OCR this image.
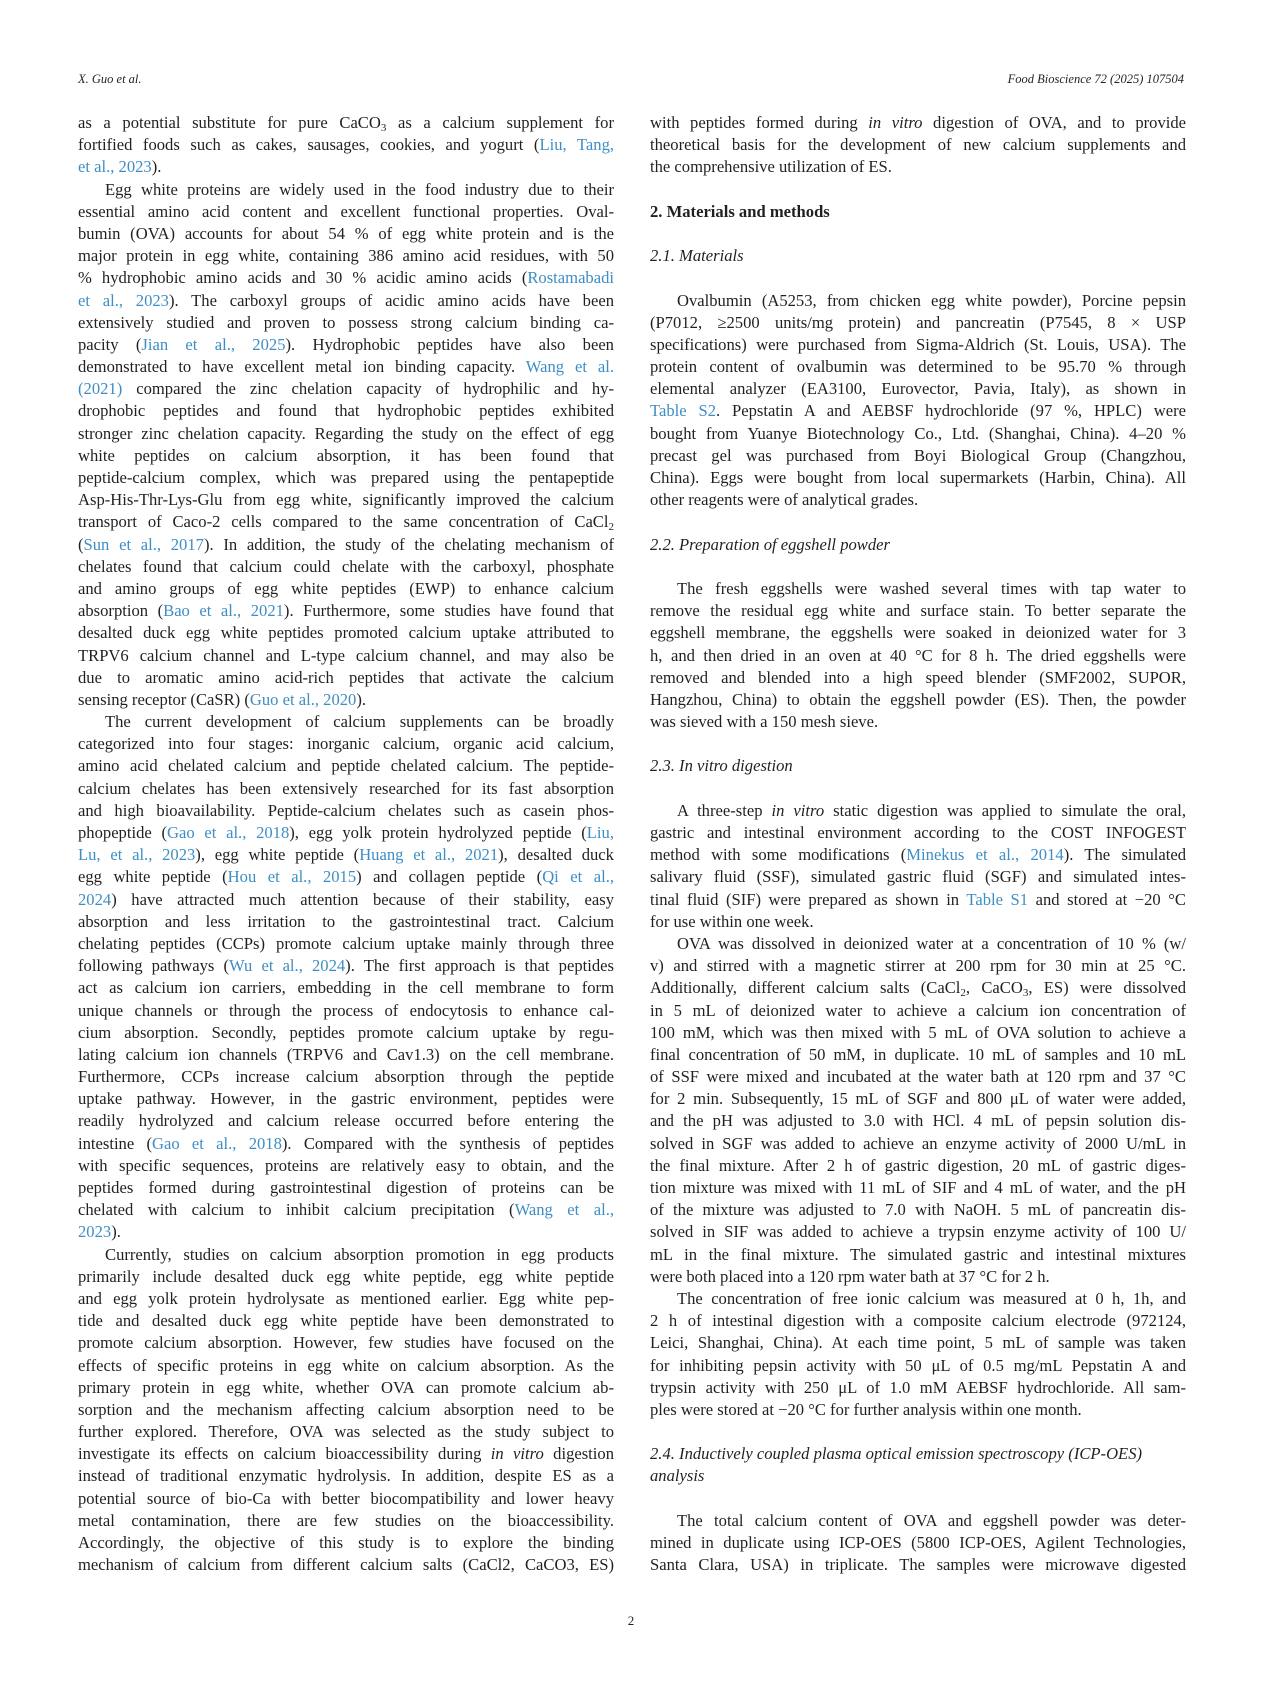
X. Guo et al.	Food Bioscience 72 (2025) 107504
as a potential substitute for pure CaCO$_3$ as a calcium supplement for
fortified foods such as cakes, sausages, cookies, and yogurt (Liu, Tang,
et al., 2023).
Egg white proteins are widely used in the food industry due to their
essential amino acid content and excellent functional properties. Oval-
bumin (OVA) accounts for about 54 % of egg white protein and is the
major protein in egg white, containing 386 amino acid residues, with 50
% hydrophobic amino acids and 30 % acidic amino acids (Rostamabadi
et al., 2023). The carboxyl groups of acidic amino acids have been
extensively studied and proven to possess strong calcium binding ca-
pacity (Jian et al., 2025). Hydrophobic peptides have also been
demonstrated to have excellent metal ion binding capacity. Wang et al.
(2021) compared the zinc chelation capacity of hydrophilic and hy-
drophobic peptides and found that hydrophobic peptides exhibited
stronger zinc chelation capacity. Regarding the study on the effect of egg
white peptides on calcium absorption, it has been found that
peptide-calcium complex, which was prepared using the pentapeptide
Asp-His-Thr-Lys-Glu from egg white, significantly improved the calcium
transport of Caco-2 cells compared to the same concentration of CaCl$_2$
(Sun et al., 2017). In addition, the study of the chelating mechanism of
chelates found that calcium could chelate with the carboxyl, phosphate
and amino groups of egg white peptides (EWP) to enhance calcium
absorption (Bao et al., 2021). Furthermore, some studies have found that
desalted duck egg white peptides promoted calcium uptake attributed to
TRPV6 calcium channel and L-type calcium channel, and may also be
due to aromatic amino acid-rich peptides that activate the calcium
sensing receptor (CaSR) (Guo et al., 2020).
The current development of calcium supplements can be broadly
categorized into four stages: inorganic calcium, organic acid calcium,
amino acid chelated calcium and peptide chelated calcium. The peptide-
calcium chelates has been extensively researched for its fast absorption
and high bioavailability. Peptide-calcium chelates such as casein phos-
phopeptide (Gao et al., 2018), egg yolk protein hydrolyzed peptide (Liu,
Lu, et al., 2023), egg white peptide (Huang et al., 2021), desalted duck
egg white peptide (Hou et al., 2015) and collagen peptide (Qi et al.,
2024) have attracted much attention because of their stability, easy
absorption and less irritation to the gastrointestinal tract. Calcium
chelating peptides (CCPs) promote calcium uptake mainly through three
following pathways (Wu et al., 2024). The first approach is that peptides
act as calcium ion carriers, embedding in the cell membrane to form
unique channels or through the process of endocytosis to enhance cal-
cium absorption. Secondly, peptides promote calcium uptake by regu-
lating calcium ion channels (TRPV6 and Cav1.3) on the cell membrane.
Furthermore, CCPs increase calcium absorption through the peptide
uptake pathway. However, in the gastric environment, peptides were
readily hydrolyzed and calcium release occurred before entering the
intestine (Gao et al., 2018). Compared with the synthesis of peptides
with specific sequences, proteins are relatively easy to obtain, and the
peptides formed during gastrointestinal digestion of proteins can be
chelated with calcium to inhibit calcium precipitation (Wang et al.,
2023).
Currently, studies on calcium absorption promotion in egg products
primarily include desalted duck egg white peptide, egg white peptide
and egg yolk protein hydrolysate as mentioned earlier. Egg white pep-
tide and desalted duck egg white peptide have been demonstrated to
promote calcium absorption. However, few studies have focused on the
effects of specific proteins in egg white on calcium absorption. As the
primary protein in egg white, whether OVA can promote calcium ab-
sorption and the mechanism affecting calcium absorption need to be
further explored. Therefore, OVA was selected as the study subject to
investigate its effects on calcium bioaccessibility during in vitro digestion
instead of traditional enzymatic hydrolysis. In addition, despite ES as a
potential source of bio-Ca with better biocompatibility and lower heavy
metal contamination, there are few studies on the bioaccessibility.
Accordingly, the objective of this study is to explore the binding
mechanism of calcium from different calcium salts (CaCl2, CaCO3, ES)
with peptides formed during in vitro digestion of OVA, and to provide
theoretical basis for the development of new calcium supplements and
the comprehensive utilization of ES.
2. Materials and methods
2.1. Materials
Ovalbumin (A5253, from chicken egg white powder), Porcine pepsin
(P7012, ≥2500 units/mg protein) and pancreatin (P7545, 8 × USP
specifications) were purchased from Sigma-Aldrich (St. Louis, USA). The
protein content of ovalbumin was determined to be 95.70 % through
elemental analyzer (EA3100, Eurovector, Pavia, Italy), as shown in
Table S2. Pepstatin A and AEBSF hydrochloride (97 %, HPLC) were
bought from Yuanye Biotechnology Co., Ltd. (Shanghai, China). 4–20 %
precast gel was purchased from Boyi Biological Group (Changzhou,
China). Eggs were bought from local supermarkets (Harbin, China). All
other reagents were of analytical grades.
2.2. Preparation of eggshell powder
The fresh eggshells were washed several times with tap water to
remove the residual egg white and surface stain. To better separate the
eggshell membrane, the eggshells were soaked in deionized water for 3
h, and then dried in an oven at 40 °C for 8 h. The dried eggshells were
removed and blended into a high speed blender (SMF2002, SUPOR,
Hangzhou, China) to obtain the eggshell powder (ES). Then, the powder
was sieved with a 150 mesh sieve.
2.3. In vitro digestion
A three-step in vitro static digestion was applied to simulate the oral,
gastric and intestinal environment according to the COST INFOGEST
method with some modifications (Minekus et al., 2014). The simulated
salivary fluid (SSF), simulated gastric fluid (SGF) and simulated intes-
tinal fluid (SIF) were prepared as shown in Table S1 and stored at −20 °C
for use within one week.
OVA was dissolved in deionized water at a concentration of 10 % (w/
v) and stirred with a magnetic stirrer at 200 rpm for 30 min at 25 °C.
Additionally, different calcium salts (CaCl$_2$, CaCO$_3$, ES) were dissolved
in 5 mL of deionized water to achieve a calcium ion concentration of
100 mM, which was then mixed with 5 mL of OVA solution to achieve a
final concentration of 50 mM, in duplicate. 10 mL of samples and 10 mL
of SSF were mixed and incubated at the water bath at 120 rpm and 37 °C
for 2 min. Subsequently, 15 mL of SGF and 800 μL of water were added,
and the pH was adjusted to 3.0 with HCl. 4 mL of pepsin solution dis-
solved in SGF was added to achieve an enzyme activity of 2000 U/mL in
the final mixture. After 2 h of gastric digestion, 20 mL of gastric diges-
tion mixture was mixed with 11 mL of SIF and 4 mL of water, and the pH
of the mixture was adjusted to 7.0 with NaOH. 5 mL of pancreatin dis-
solved in SIF was added to achieve a trypsin enzyme activity of 100 U/
mL in the final mixture. The simulated gastric and intestinal mixtures
were both placed into a 120 rpm water bath at 37 °C for 2 h.
The concentration of free ionic calcium was measured at 0 h, 1h, and
2 h of intestinal digestion with a composite calcium electrode (972124,
Leici, Shanghai, China). At each time point, 5 mL of sample was taken
for inhibiting pepsin activity with 50 μL of 0.5 mg/mL Pepstatin A and
trypsin activity with 250 μL of 1.0 mM AEBSF hydrochloride. All sam-
ples were stored at −20 °C for further analysis within one month.
2.4. Inductively coupled plasma optical emission spectroscopy (ICP-OES)
analysis
The total calcium content of OVA and eggshell powder was deter-
mined in duplicate using ICP-OES (5800 ICP-OES, Agilent Technologies,
Santa Clara, USA) in triplicate. The samples were microwave digested
2
